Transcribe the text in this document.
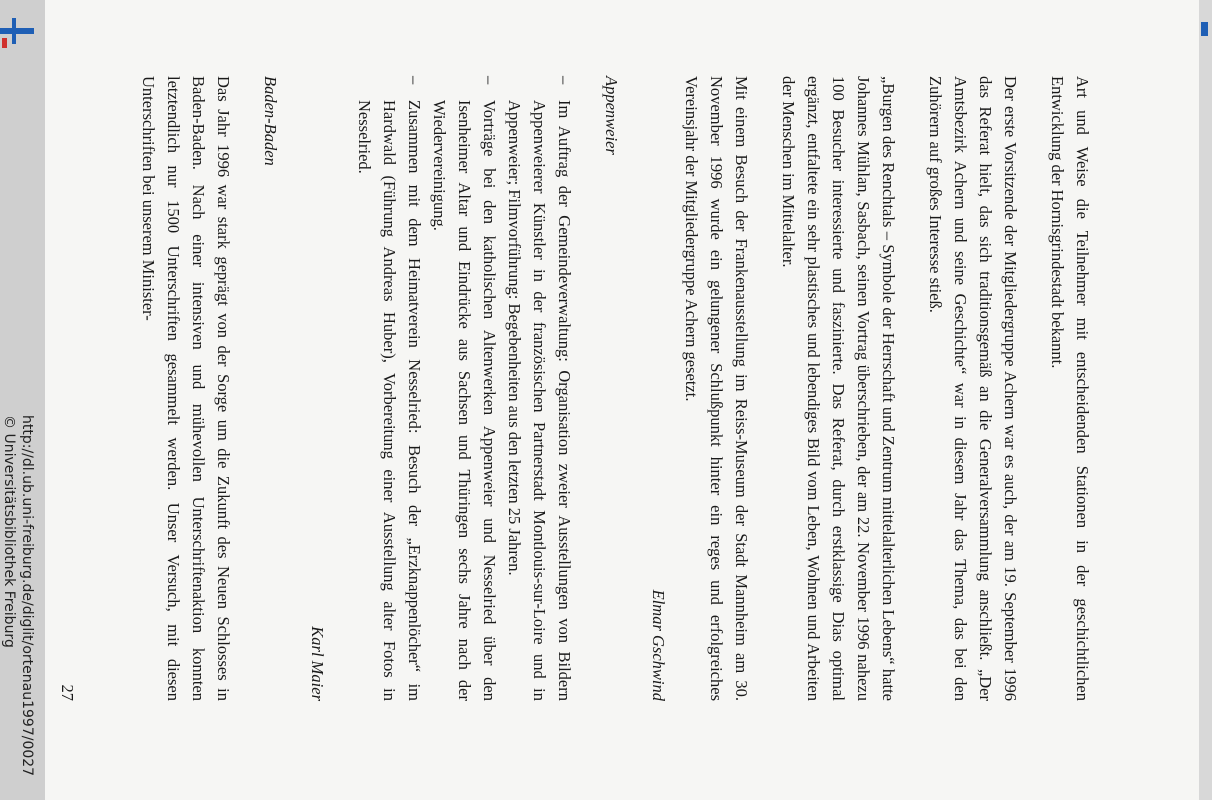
http://dl.ub.uni-freiburg.de/diglit/ortenau1997/0027
© Universitätsbibliothek Freiburg	Art und Weise die Teilnehmer mit entscheidenden Stationen in der geschichtlichen Entwicklung der Hornisgrindestadt bekannt.

Der erste Vorsitzende der Mitgliedergruppe Achern war es auch, der am 19. September 1996 das Referat hielt, das sich traditionsgemäß an die Generalversammlung anschließt. „Der Amtsbezirk Achern und seine Geschichte“ war in diesem Jahr das Thema, das bei den Zuhörern auf großes Interesse stieß.

„Burgen des Renchtals – Symbole der Herrschaft und Zentrum mittelalterlichen Lebens“ hatte Johannes Mühlan, Sasbach, seinen Vortrag überschrieben, der am 22. November 1996 nahezu 100 Besucher interessierte und faszinierte. Das Referat, durch erstklassige Dias optimal ergänzt, entfaltete ein sehr plastisches und lebendiges Bild vom Leben, Wohnen und Arbeiten der Menschen im Mittelalter.

Mit einem Besuch der Frankenausstellung im Reiss-Museum der Stadt Mannheim am 30. November 1996 wurde ein gelungener Schlußpunkt hinter ein reges und erfolgreiches Vereinsjahr der Mitgliedergruppe Achern gesetzt.

Elmar Gschwind
Appenweier
– Im Auftrag der Gemeindeverwaltung: Organisation zweier Ausstellungen von Bildern Appenweierer Künstler in der französischen Partnerstadt Montlouis-sur-Loire und in Appenweier; Filmvorführung: Begebenheiten aus den letzten 25 Jahren.
– Vorträge bei den katholischen Altenwerken Appenweier und Nesselried über den Isenheimer Altar und Eindrücke aus Sachsen und Thüringen sechs Jahre nach der Wiedervereinigung.
– Zusammen mit dem Heimatverein Nesselried: Besuch der „Erzknappenlöcher“ im Hardwald (Führung Andreas Huber), Vorbereitung einer Ausstellung alter Fotos in Nesselried.
Karl Maier
Baden-Baden

Das Jahr 1996 war stark geprägt von der Sorge um die Zukunft des Neuen Schlosses in Baden-Baden. Nach einer intensiven und mühevollen Unterschriftenaktion konnten letztendlich nur 1500 Unterschriften gesammelt werden. Unser Versuch, mit diesen Unterschriften bei unserem Minister-

27
